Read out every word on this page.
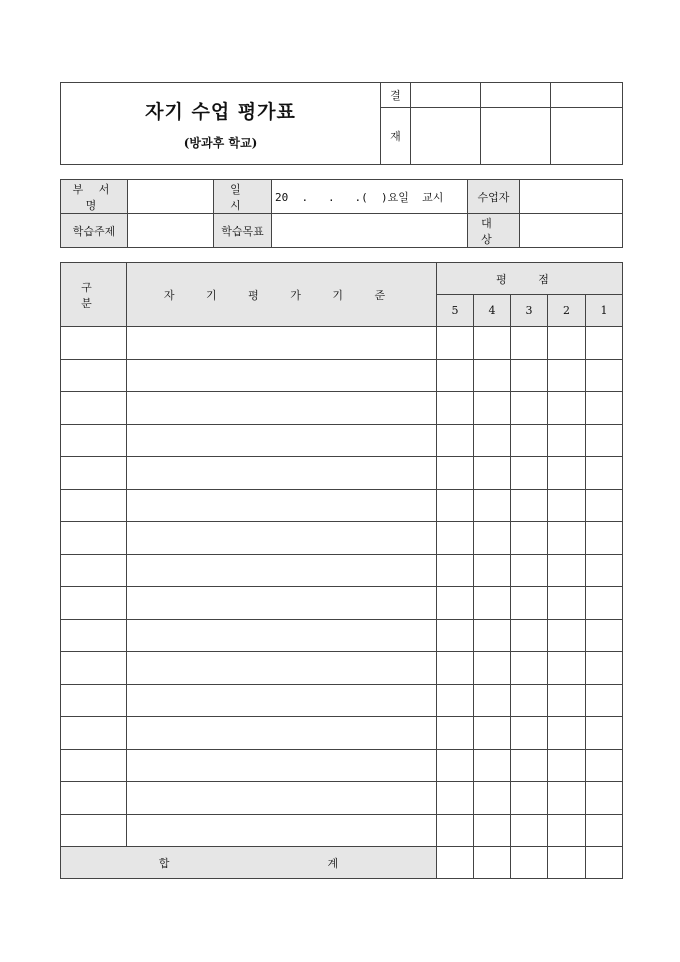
자기 수업 평가표
(방과후 학교)	결			
	재			
부 서 명		일 시	20  .   .   .(  )요일  교시	수업자	
학습주제		학습목표		대 상	
구 분	자 기 평 가 기 준	평 점				
		5	4	3	2	1

합 계						
